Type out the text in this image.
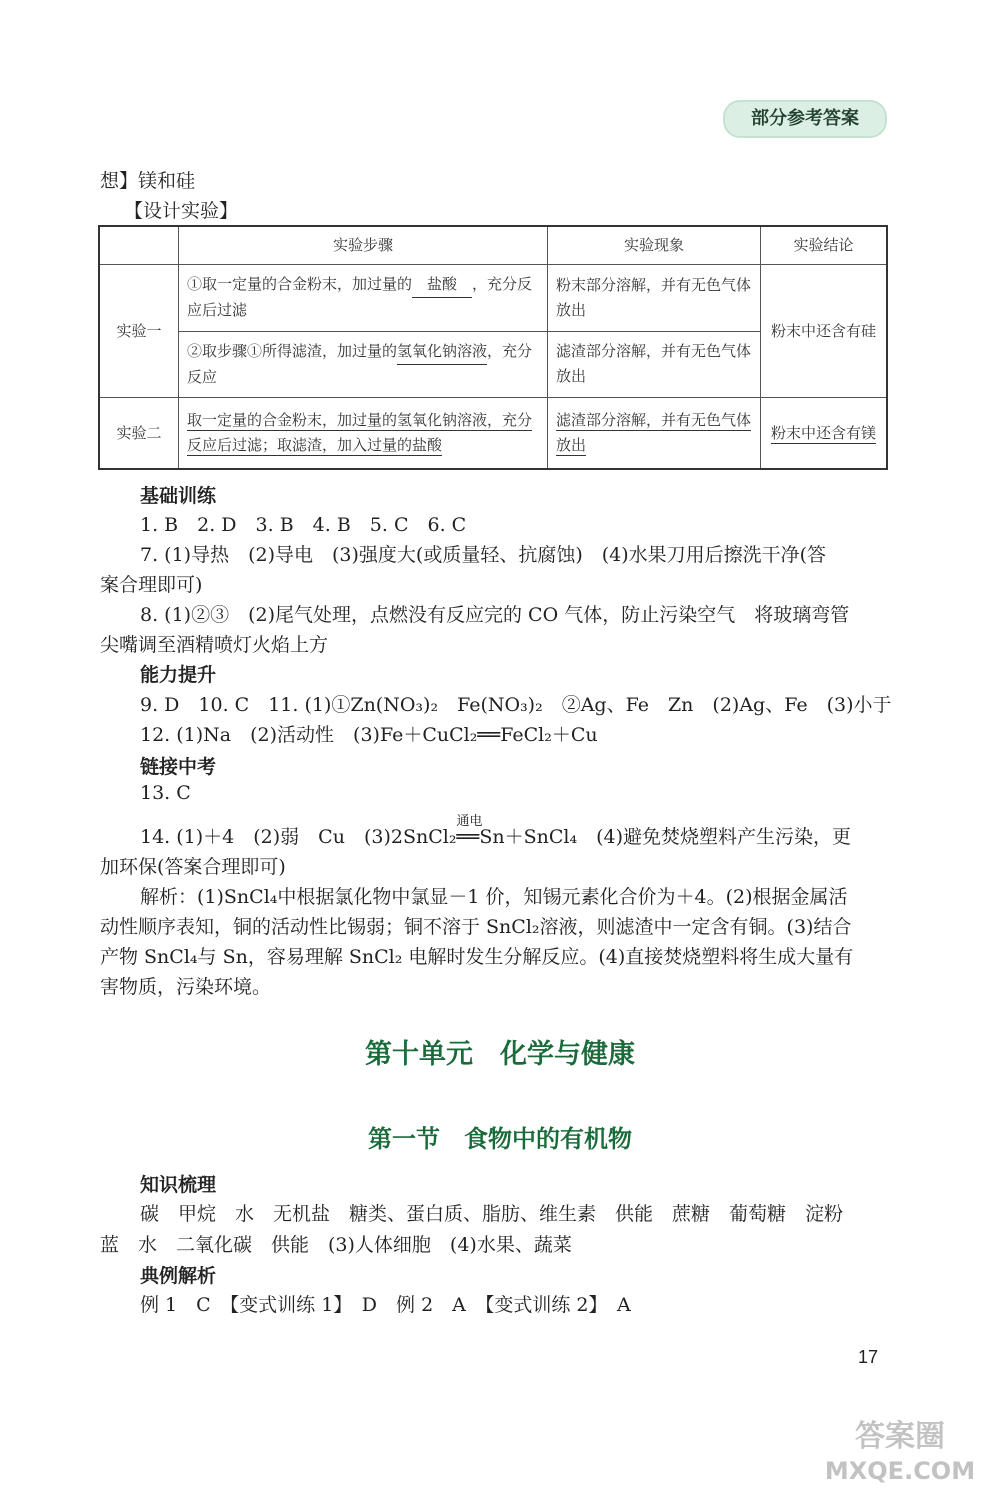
部分参考答案
想】镁和硅
【设计实验】
	实验步骤	实验现象	实验结论
实验一	①取一定量的合金粉末，加过量的 盐酸 ，充分反应后过滤	粉末部分溶解，并有无色气体放出	粉末中还含有硅
	②取步骤①所得滤渣，加过量的氢氧化钠溶液，充分反应	滤渣部分溶解，并有无色气体放出	
实验二	取一定量的合金粉末，加过量的氢氧化钠溶液，充分反应后过滤；取滤渣，加入过量的盐酸	滤渣部分溶解，并有无色气体放出	粉末中还含有镁
基础训练
1. B　2. D　3. B　4. B　5. C　6. C
7. (1)导热　(2)导电　(3)强度大(或质量轻、抗腐蚀)　(4)水果刀用后擦洗干净(答
案合理即可)
8. (1)②③　(2)尾气处理，点燃没有反应完的 CO 气体，防止污染空气　将玻璃弯管
尖嘴调至酒精喷灯火焰上方
能力提升
9. D　10. C　11. (1)①Zn(NO₃)₂　Fe(NO₃)₂　②Ag、Fe　Zn　(2)Ag、Fe　(3)小于
12. (1)Na　(2)活动性　(3)Fe＋CuCl₂══FeCl₂＋Cu
链接中考
13. C
14. (1)＋4　(2)弱　Cu　(3)2SnCl₂
通电
══Sn＋SnCl₄　(4)避免焚烧塑料产生污染，更
加环保(答案合理即可)
解析：(1)SnCl₄中根据氯化物中氯显－1 价，知锡元素化合价为＋4。(2)根据金属活
动性顺序表知，铜的活动性比锡弱；铜不溶于 SnCl₂溶液，则滤渣中一定含有铜。(3)结合
产物 SnCl₄与 Sn，容易理解 SnCl₂ 电解时发生分解反应。(4)直接焚烧塑料将生成大量有
害物质，污染环境。
第十单元　化学与健康
第一节　食物中的有机物
知识梳理
碳　甲烷　水　无机盐　糖类、蛋白质、脂肪、维生素　供能　蔗糖　葡萄糖　淀粉
蓝　水　二氧化碳　供能　(3)人体细胞　(4)水果、蔬菜
典例解析
例 1　C　【变式训练 1】　D　例 2　A　【变式训练 2】　A
17
答案圈
MXQE.COM
